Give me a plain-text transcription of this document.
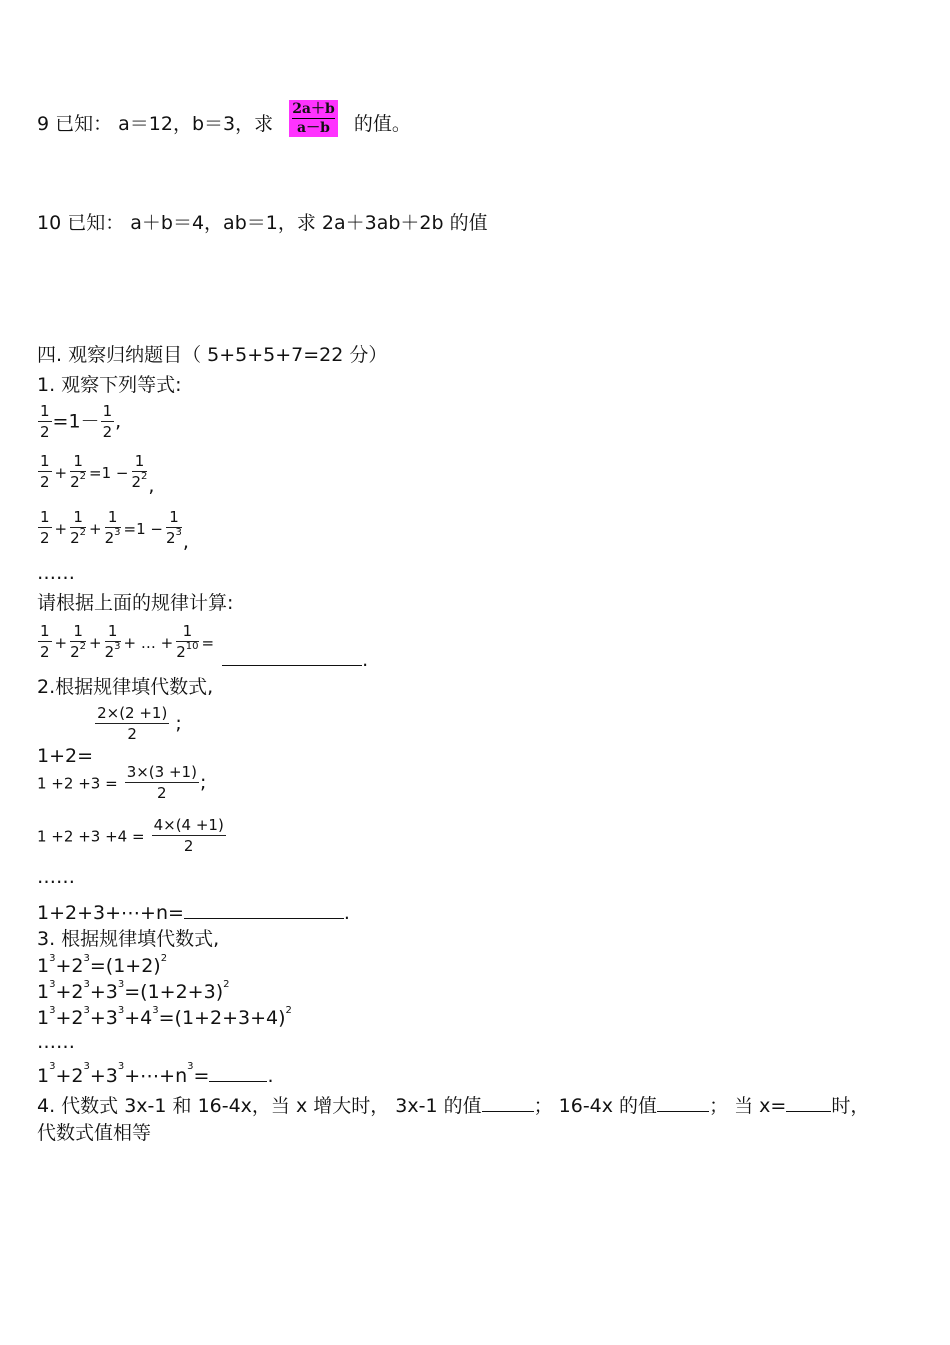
9 已知： a＝12，b＝3，求 $\frac{2a+b}{a-b}$ 的值。
10 已知： a＋b＝4，ab＝1，求 2a＋3ab＋2b 的值
四. 观察归纳题目（ 5+5+5+7=22 分）
1. 观察下列等式:
$\frac{1}{2} =1- \frac{1}{2}$ ,
$\frac{1}{2} + \frac{1}{2^2} =1 - \frac{1}{2^2}$ ,
$\frac{1}{2} + \frac{1}{2^2} + \frac{1}{2^3} =1 - \frac{1}{2^3}$ ,
……
请根据上面的规律计算:
$\frac{1}{2} + \frac{1}{2^2} + \frac{1}{2^3}$ + … + $\frac{1}{2^{10}}$ = .
2.根据规律填代数式,
1+2=
$\frac{2\times(2 +1)}{2}$ ;
$1 +2 +3 = \frac{3\times(3 +1)}{2}$ ;
$1 +2 +3 +4 = \frac{4\times(4 +1)}{2}$
……
1+2+3+⋯+n=	.
3. 根据规律填代数式,
$1^3+2^3=(1+2)^2$
$1^3+2^3+3^3=(1+2+3)^2$
$1^3+2^3+3^3+4^3=(1+2+3+4)^2$
……
$1^3+2^3+3^3+\cdots+n^3=$	.
4. 代数式 3x-1 和 16-4x，当 x 增大时， 3x-1 的值	； 16-4x 的值	； 当 x= 时，
代数式值相等
